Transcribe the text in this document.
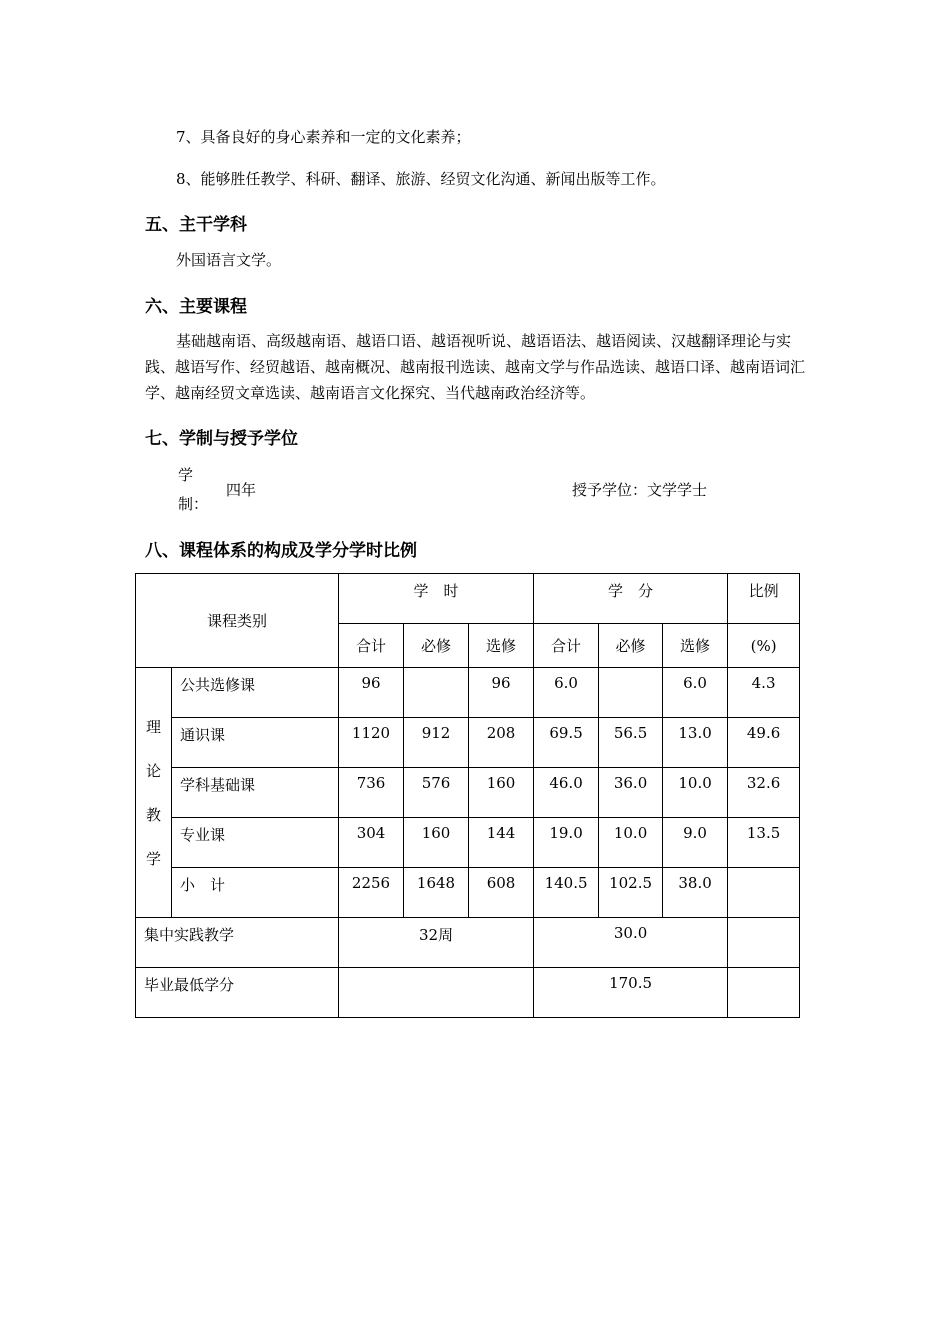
7、具备良好的身心素养和一定的文化素养；
8、能够胜任教学、科研、翻译、旅游、经贸文化沟通、新闻出版等工作。
五、主干学科
外国语言文学。
六、主要课程
基础越南语、高级越南语、越语口语、越语视听说、越语语法、越语阅读、汉越翻译理论与实践、越语写作、经贸越语、越南概况、越南报刊选读、越南文学与作品选读、越语口译、越南语词汇学、越南经贸文章选读、越南语言文化探究、当代越南政治经济等。
七、学制与授予学位
学
制：
四年	授予学位：文学学士
八、课程体系的构成及学分学时比例
课程类别		学　时			学　分			比例
		合计	必修	选修	合计	必修	选修	(%)

理
论
教
学	公共选修课	96		96	6.0		6.0	4.3
	通识课	1120	912	208	69.5	56.5	13.0	49.6
	学科基础课	736	576	160	46.0	36.0	10.0	32.6
	专业课	304	160	144	19.0	10.0	9.0	13.5
	小　计	2256	1648	608	140.5	102.5	38.0	
集中实践教学		32周			30.0			
毕业最低学分					170.5			
